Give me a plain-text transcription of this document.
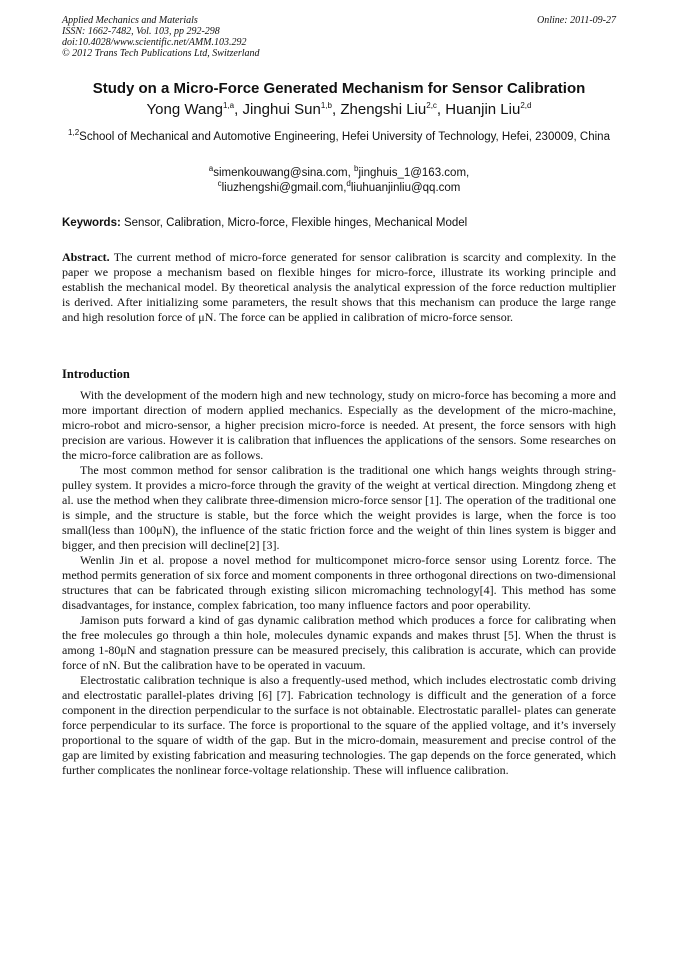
Applied Mechanics and Materials
ISSN: 1662-7482, Vol. 103, pp 292-298
doi:10.4028/www.scientific.net/AMM.103.292
© 2012 Trans Tech Publications Ltd, Switzerland
Online: 2011-09-27
Study on a Micro-Force Generated Mechanism for Sensor Calibration
Yong Wang$^{1,a}$, Jinghui Sun$^{1,b}$, Zhengshi Liu$^{2,c}$, Huanjin Liu$^{2,d}$
$^{1,2}$School of Mechanical and Automotive Engineering, Hefei University of Technology, Hefei, 230009, China
$^a$simenkouwang@sina.com, $^b$jinghuis_1@163.com,
$^c$liuzhengshi@gmail.com,$^d$liuhuanjinliu@qq.com
Keywords: Sensor, Calibration, Micro-force, Flexible hinges, Mechanical Model
Abstract. The current method of micro-force generated for sensor calibration is scarcity and complexity. In the paper we propose a mechanism based on flexible hinges for micro-force, illustrate its working principle and establish the mechanical model. By theoretical analysis the analytical expression of the force reduction multiplier is derived. After initializing some parameters, the result shows that this mechanism can produce the large range and high resolution force of μN. The force can be applied in calibration of micro-force sensor.
Introduction

With the development of the modern high and new technology, study on micro-force has becoming a more and more important direction of modern applied mechanics. Especially as the development of the micro-machine, micro-robot and micro-sensor, a higher precision micro-force is needed. At present, the force sensors with high precision are various. However it is calibration that influences the applications of the sensors. Some researches on the micro-force calibration are as follows.

The most common method for sensor calibration is the traditional one which hangs weights through string-pulley system. It provides a micro-force through the gravity of the weight at vertical direction. Mingdong zheng et al. use the method when they calibrate three-dimension micro-force sensor [1]. The operation of the traditional one is simple, and the structure is stable, but the force which the weight provides is large, when the force is too small(less than 100μN), the influence of the static friction force and the weight of thin lines system is bigger and bigger, and then precision will decline[2] [3].

Wenlin Jin et al. propose a novel method for multicomponet micro-force sensor using Lorentz force. The method permits generation of six force and moment components in three orthogonal directions on two-dimensional structures that can be fabricated through existing silicon micromaching technology[4]. This method has some disadvantages, for instance, complex fabrication, too many influence factors and poor operability.

Jamison puts forward a kind of gas dynamic calibration method which produces a force for calibrating when the free molecules go through a thin hole, molecules dynamic expands and makes thrust [5]. When the thrust is among 1-80μN and stagnation pressure can be measured precisely, this calibration is accurate, which can provide force of nN. But the calibration have to be operated in vacuum.

Electrostatic calibration technique is also a frequently-used method, which includes electrostatic comb driving and electrostatic parallel-plates driving [6] [7]. Fabrication technology is difficult and the generation of a force component in the direction perpendicular to the surface is not obtainable. Electrostatic parallel- plates can generate force perpendicular to its surface. The force is proportional to the square of the applied voltage, and it’s inversely proportional to the square of width of the gap. But in the micro-domain, measurement and precise control of the gap are limited by existing fabrication and measuring technologies. The gap depends on the force generated, which further complicates the nonlinear force-voltage relationship. These will influence calibration.
